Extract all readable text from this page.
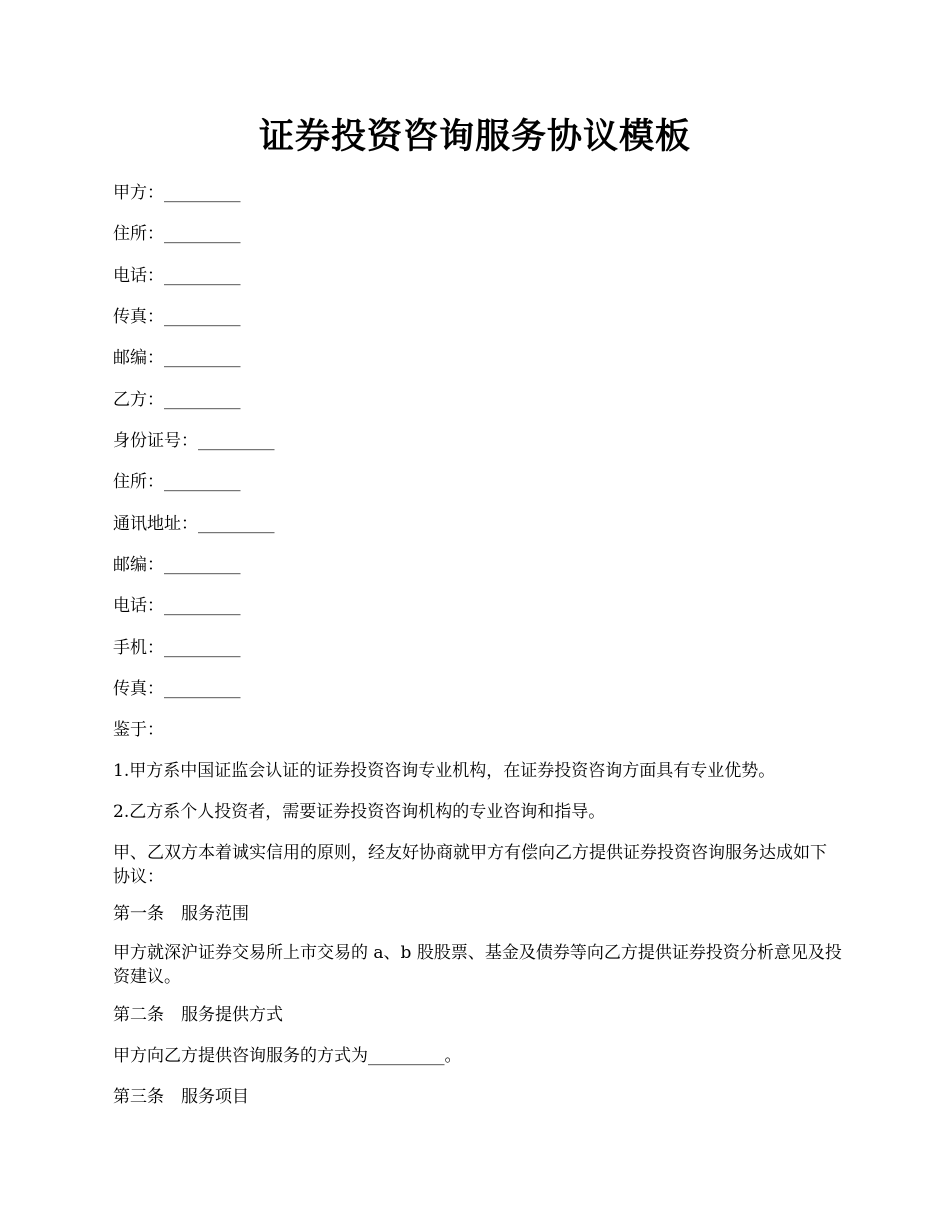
证券投资咨询服务协议模板
甲方：_________
住所：_________
电话：_________
传真：_________
邮编：_________
乙方：_________
身份证号：_________
住所：_________
通讯地址：_________
邮编：_________
电话：_________
手机：_________
传真：_________
鉴于：
1.甲方系中国证监会认证的证券投资咨询专业机构，在证券投资咨询方面具有专业优势。
2.乙方系个人投资者，需要证券投资咨询机构的专业咨询和指导。
甲、乙双方本着诚实信用的原则，经友好协商就甲方有偿向乙方提供证券投资咨询服务达成如下协议：
第一条　服务范围
甲方就深沪证券交易所上市交易的 a、b 股股票、基金及债券等向乙方提供证券投资分析意见及投资建议。
第二条　服务提供方式
甲方向乙方提供咨询服务的方式为_________。
第三条　服务项目
